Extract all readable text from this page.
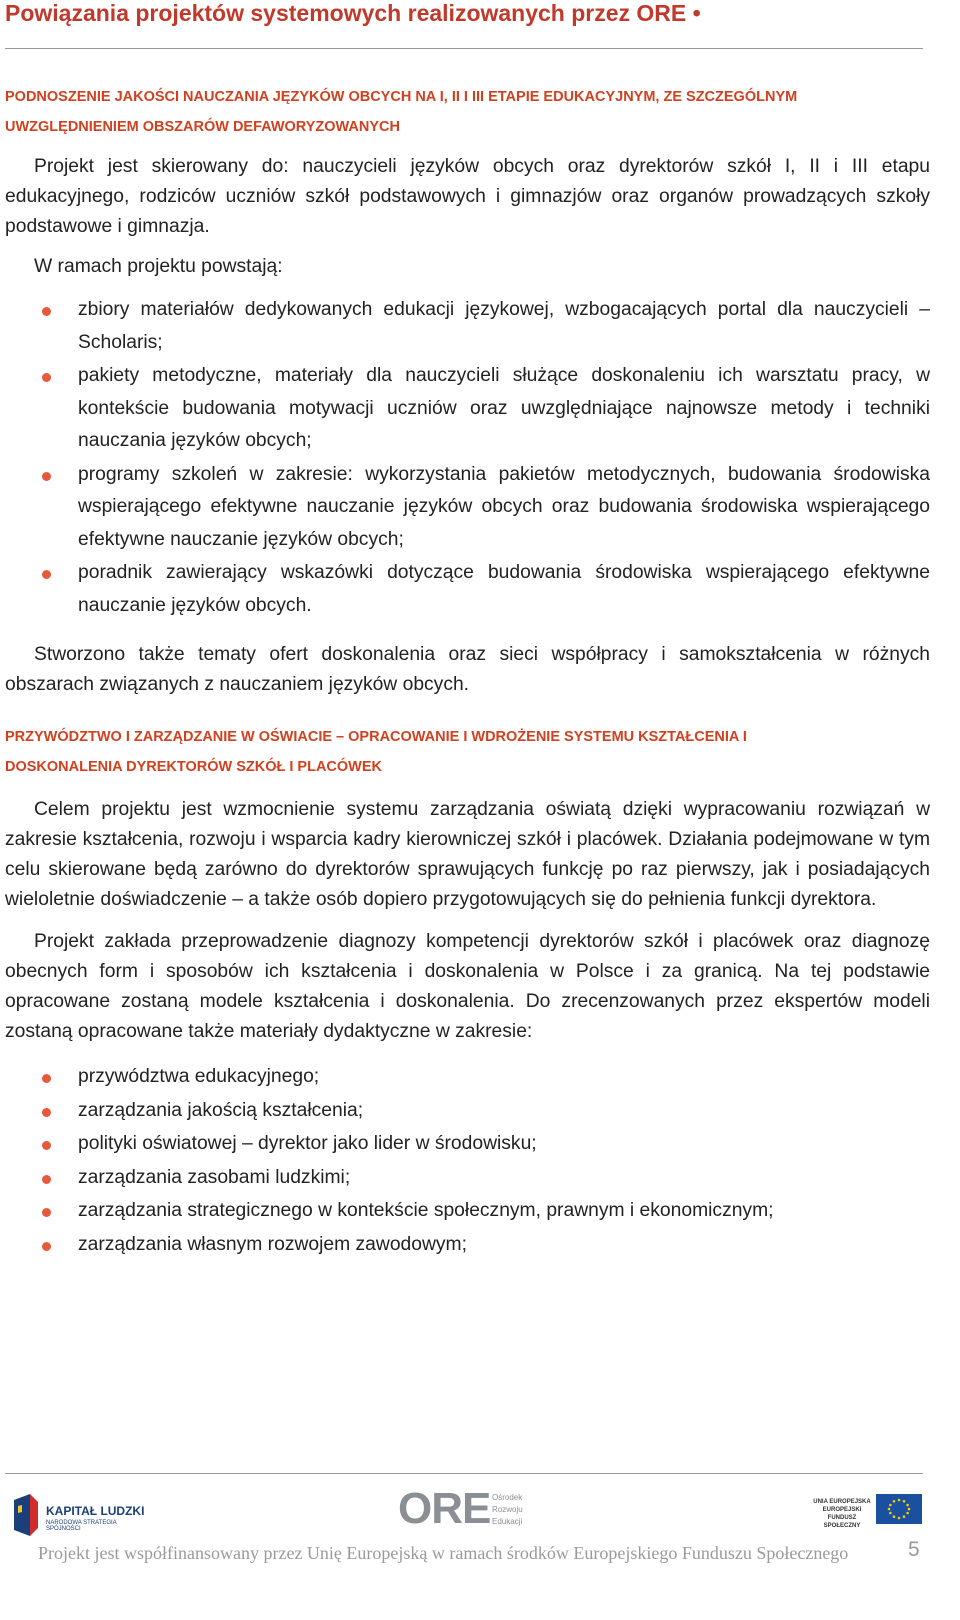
Powiązania projektów systemowych realizowanych przez ORE •
PODNOSZENIE JAKOŚCI NAUCZANIA JĘZYKÓW OBCYCH NA I, II I III ETAPIE EDUKACYJNYM, ZE SZCZEGÓLNYM
UWZGLĘDNIENIEM OBSZARÓW DEFAWORYZOWANYCH

Projekt jest skierowany do: nauczycieli języków obcych oraz dyrektorów szkół I, II i III etapu edukacyjnego, rodziców uczniów szkół podstawowych i gimnazjów oraz organów prowadzących szkoły podstawowe i gimnazja.

W ramach projektu powstają:

zbiory materiałów dedykowanych edukacji językowej, wzbogacających portal dla nauczycieli – Scholaris;
pakiety metodyczne, materiały dla nauczycieli służące doskonaleniu ich warsztatu pracy, w kontekście budowania motywacji uczniów oraz uwzględniające najnowsze metody i techniki nauczania języków obcych;
programy szkoleń w zakresie: wykorzystania pakietów metodycznych, budowania środowiska wspierającego efektywne nauczanie języków obcych oraz budowania środowiska wspierającego efektywne nauczanie języków obcych;
poradnik zawierający wskazówki dotyczące budowania środowiska wspierającego efektywne nauczanie języków obcych.

Stworzono także tematy ofert doskonalenia oraz sieci współpracy i samokształcenia w różnych obszarach związanych z nauczaniem języków obcych.

PRZYWÓDZTWO I ZARZĄDZANIE W OŚWIACIE – OPRACOWANIE I WDROŻENIE SYSTEMU KSZTAŁCENIA I
DOSKONALENIA DYREKTORÓW SZKÓŁ I PLACÓWEK

Celem projektu jest wzmocnienie systemu zarządzania oświatą dzięki wypracowaniu rozwiązań w zakresie kształcenia, rozwoju i wsparcia kadry kierowniczej szkół i placówek. Działania podejmowane w tym celu skierowane będą zarówno do dyrektorów sprawujących funkcję po raz pierwszy, jak i posiadających wieloletnie doświadczenie – a także osób dopiero przygotowujących się do pełnienia funkcji dyrektora.

Projekt zakłada przeprowadzenie diagnozy kompetencji dyrektorów szkół i placówek oraz diagnozę obecnych form i sposobów ich kształcenia i doskonalenia w Polsce i za granicą. Na tej podstawie opracowane zostaną modele kształcenia i doskonalenia. Do zrecenzowanych przez ekspertów modeli zostaną opracowane także materiały dydaktyczne w zakresie:

przywództwa edukacyjnego;
zarządzania jakością kształcenia;
polityki oświatowej – dyrektor jako lider w środowisku;
zarządzania zasobami ludzkimi;
zarządzania strategicznego w kontekście społecznym, prawnym i ekonomicznym;
zarządzania własnym rozwojem zawodowym;
KAPITAŁ LUDZKI
NARODOWA STRATEGIA SPÓJNOŚCI	ORE Ośrodek
Rozwoju
Edukacji
UNIA EUROPEJSKA EUROPEJSKI FUNDUSZ SPOŁECZNY
Projekt jest współfinansowany przez Unię Europejską w ramach środków Europejskiego Funduszu Społecznego	5
